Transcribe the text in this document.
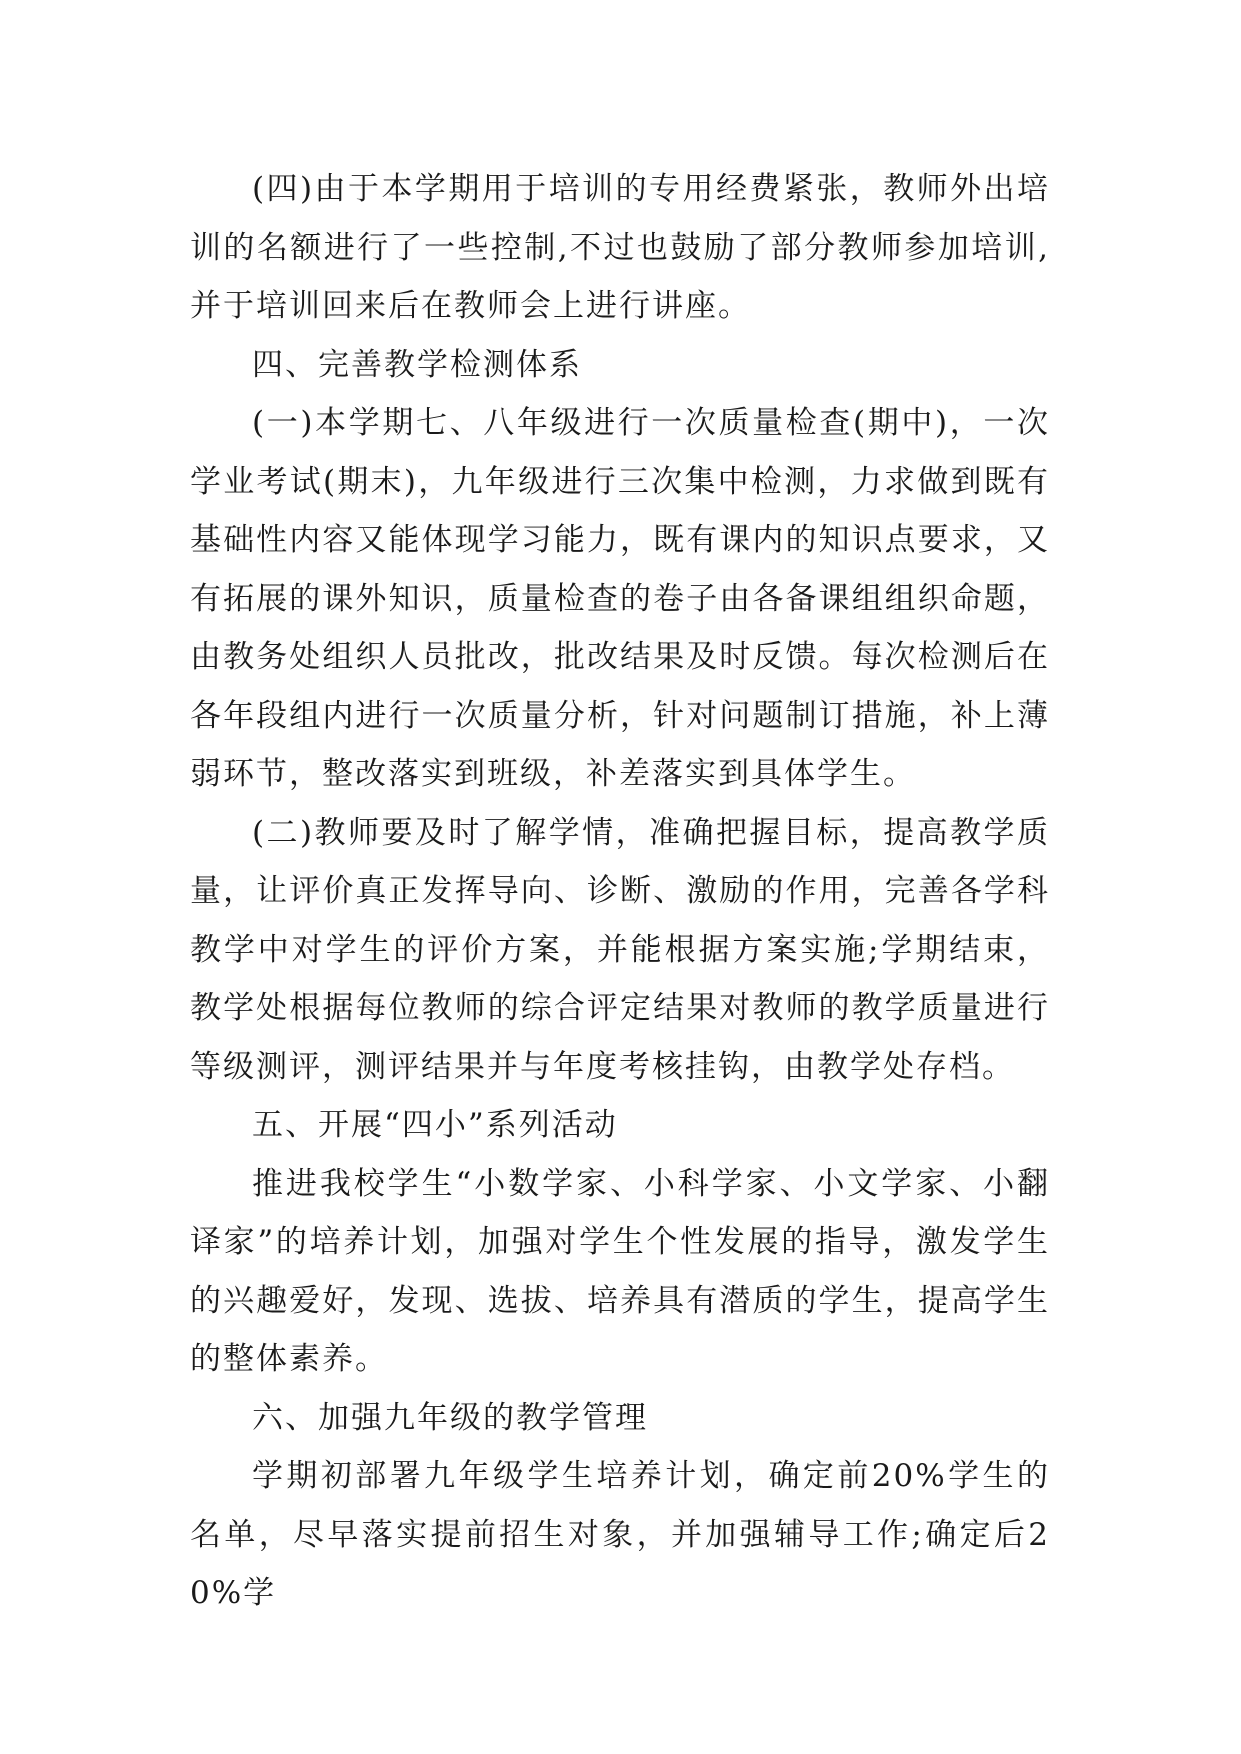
(四)由于本学期用于培训的专用经费紧张，教师外出培训的名额进行了一些控制,不过也鼓励了部分教师参加培训,并于培训回来后在教师会上进行讲座。

四、完善教学检测体系

(一)本学期七、八年级进行一次质量检查(期中)，一次学业考试(期末)，九年级进行三次集中检测，力求做到既有基础性内容又能体现学习能力，既有课内的知识点要求，又有拓展的课外知识，质量检查的卷子由各备课组组织命题，由教务处组织人员批改，批改结果及时反馈。每次检测后在各年段组内进行一次质量分析，针对问题制订措施，补上薄弱环节，整改落实到班级，补差落实到具体学生。

(二)教师要及时了解学情，准确把握目标，提高教学质量，让评价真正发挥导向、诊断、激励的作用，完善各学科教学中对学生的评价方案，并能根据方案实施;学期结束，教学处根据每位教师的综合评定结果对教师的教学质量进行等级测评，测评结果并与年度考核挂钩，由教学处存档。

五、开展“四小”系列活动

推进我校学生“小数学家、小科学家、小文学家、小翻译家”的培养计划，加强对学生个性发展的指导，激发学生的兴趣爱好，发现、选拔、培养具有潜质的学生，提高学生的整体素养。

六、加强九年级的教学管理

学期初部署九年级学生培养计划，确定前20%学生的名单，尽早落实提前招生对象，并加强辅导工作;确定后20%学
